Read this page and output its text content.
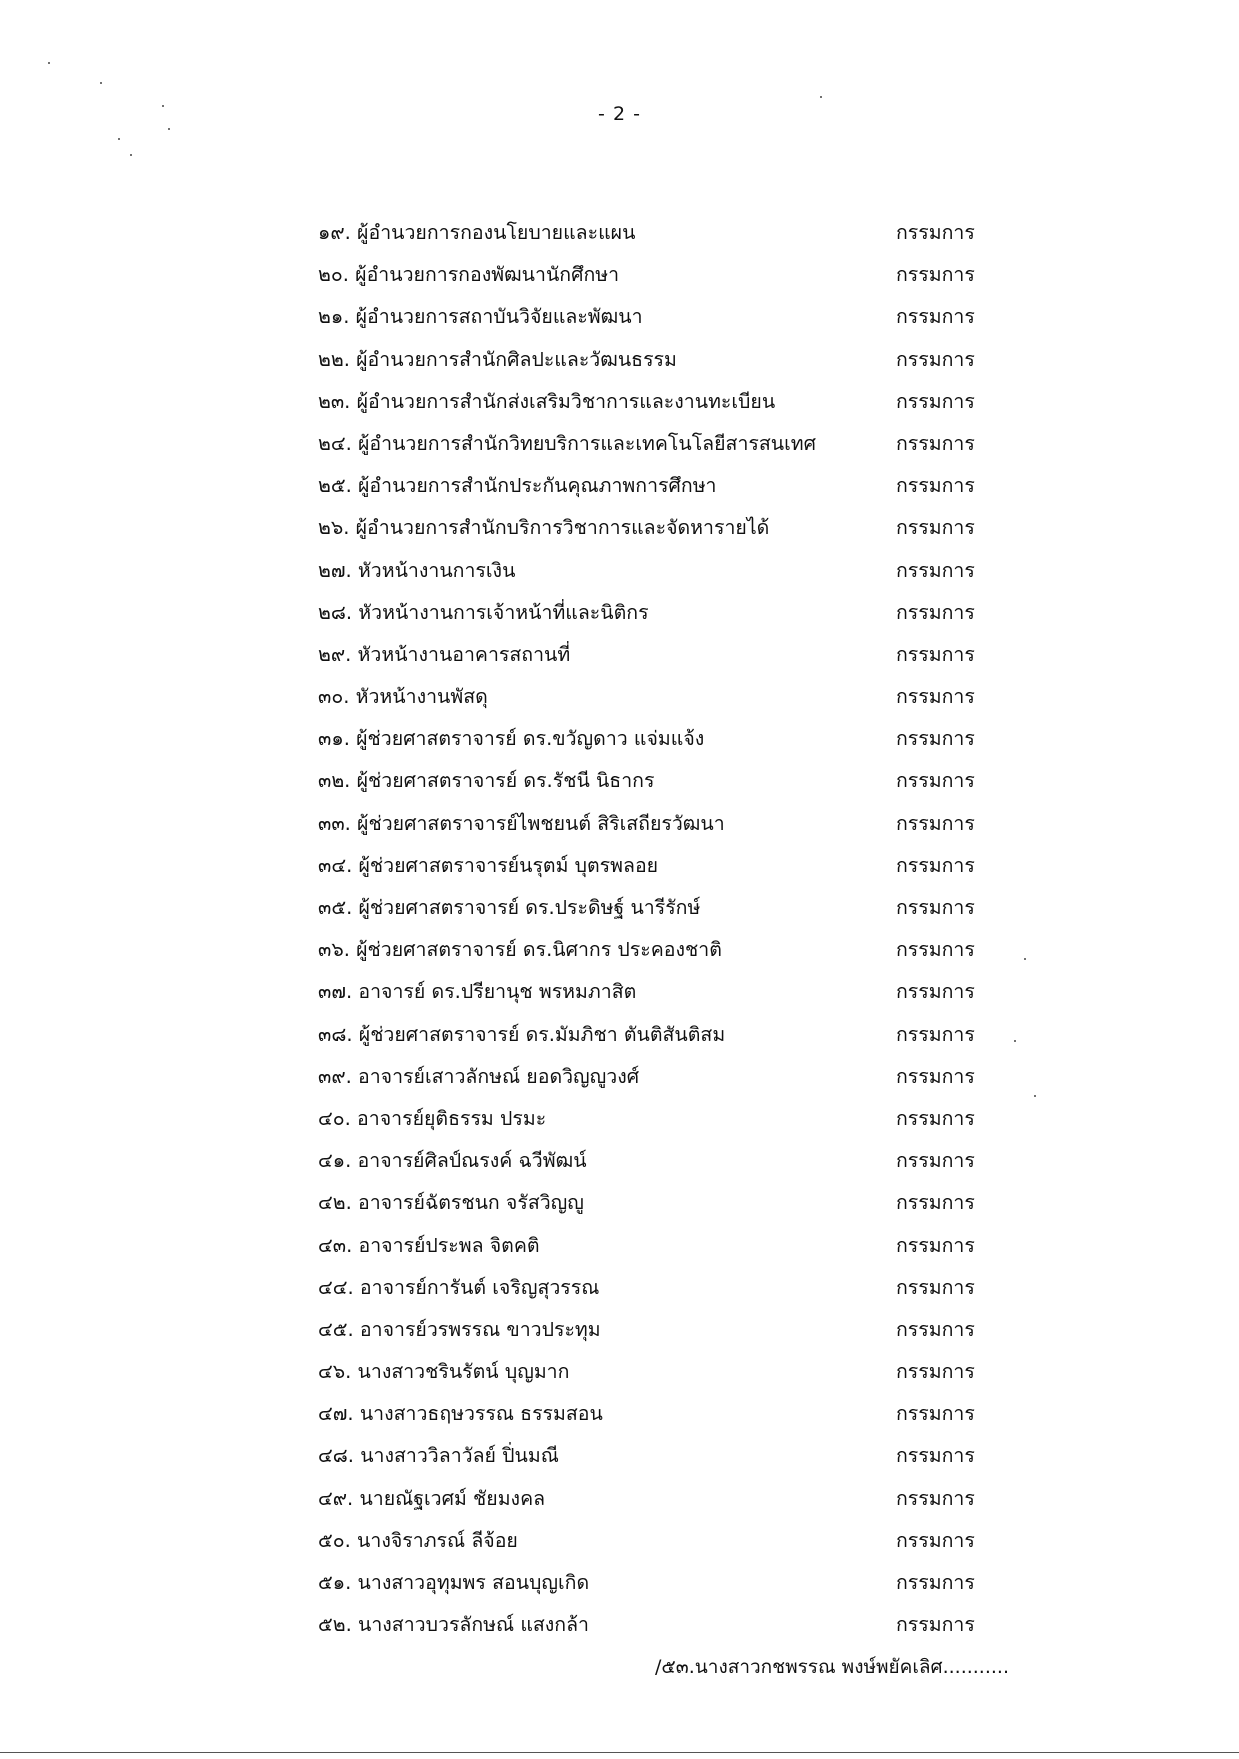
- 2 -
๑๙. ผู้อำนวยการกองนโยบายและแผน	กรรมการ
๒๐. ผู้อำนวยการกองพัฒนานักศึกษา	กรรมการ
๒๑. ผู้อำนวยการสถาบันวิจัยและพัฒนา	กรรมการ
๒๒. ผู้อำนวยการสำนักศิลปะและวัฒนธรรม	กรรมการ
๒๓. ผู้อำนวยการสำนักส่งเสริมวิชาการและงานทะเบียน	กรรมการ
๒๔. ผู้อำนวยการสำนักวิทยบริการและเทคโนโลยีสารสนเทศ	กรรมการ
๒๕. ผู้อำนวยการสำนักประกันคุณภาพการศึกษา	กรรมการ
๒๖. ผู้อำนวยการสำนักบริการวิชาการและจัดหารายได้	กรรมการ
๒๗. หัวหน้างานการเงิน	กรรมการ
๒๘. หัวหน้างานการเจ้าหน้าที่และนิติกร	กรรมการ
๒๙. หัวหน้างานอาคารสถานที่	กรรมการ
๓๐. หัวหน้างานพัสดุ	กรรมการ
๓๑. ผู้ช่วยศาสตราจารย์ ดร.ขวัญดาว แจ่มแจ้ง	กรรมการ
๓๒. ผู้ช่วยศาสตราจารย์ ดร.รัชนี นิธากร	กรรมการ
๓๓. ผู้ช่วยศาสตราจารย์ไพชยนต์ สิริเสถียรวัฒนา	กรรมการ
๓๔. ผู้ช่วยศาสตราจารย์นรุตม์ บุตรพลอย	กรรมการ
๓๕. ผู้ช่วยศาสตราจารย์ ดร.ประดิษฐ์ นารีรักษ์	กรรมการ
๓๖. ผู้ช่วยศาสตราจารย์ ดร.นิศากร ประคองชาติ	กรรมการ
๓๗. อาจารย์ ดร.ปรียานุช พรหมภาสิต	กรรมการ
๓๘. ผู้ช่วยศาสตราจารย์ ดร.มัมภิชา ตันติสันติสม	กรรมการ
๓๙. อาจารย์เสาวลักษณ์ ยอดวิญญูวงศ์	กรรมการ
๔๐. อาจารย์ยุติธรรม ปรมะ	กรรมการ
๔๑. อาจารย์ศิลป์ณรงค์ ฉวีพัฒน์	กรรมการ
๔๒. อาจารย์ฉัตรชนก จรัสวิญญู	กรรมการ
๔๓. อาจารย์ประพล จิตคติ	กรรมการ
๔๔. อาจารย์การันต์ เจริญสุวรรณ	กรรมการ
๔๕. อาจารย์วรพรรณ ขาวประทุม	กรรมการ
๔๖. นางสาวชรินรัตน์ บุญมาก	กรรมการ
๔๗. นางสาวธฤษวรรณ ธรรมสอน	กรรมการ
๔๘. นางสาววิลาวัลย์ ปิ่นมณี	กรรมการ
๔๙. นายณัฐเวศม์ ชัยมงคล	กรรมการ
๕๐. นางจิราภรณ์ ลีจ้อย	กรรมการ
๕๑. นางสาวอุทุมพร สอนบุญเกิด	กรรมการ
๕๒. นางสาวบวรลักษณ์ แสงกล้า	กรรมการ
/๕๓.นางสาวกชพรรณ พงษ์พยัคเลิศ...........
